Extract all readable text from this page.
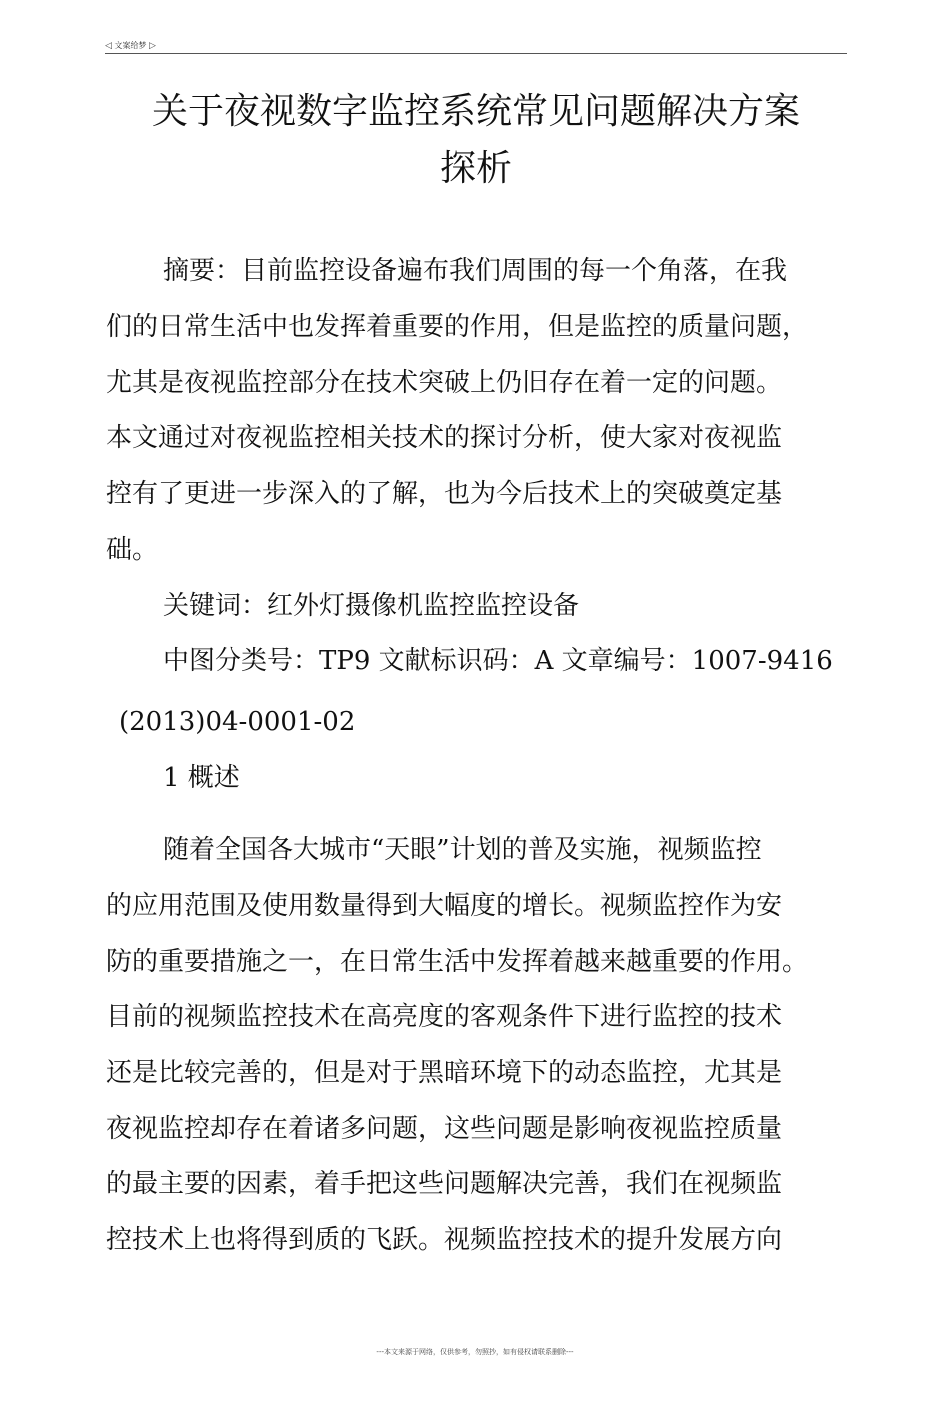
◁ 文案给梦 ▷
关于夜视数字监控系统常见问题解决方案
探析
摘要：目前监控设备遍布我们周围的每一个角落，在我
们的日常生活中也发挥着重要的作用，但是监控的质量问题，
尤其是夜视监控部分在技术突破上仍旧存在着一定的问题。
本文通过对夜视监控相关技术的探讨分析，使大家对夜视监
控有了更进一步深入的了解，也为今后技术上的突破奠定基
础。
关键词：红外灯摄像机监控监控设备
中图分类号：TP9 文献标识码：A 文章编号：1007-9416
(2013)04-0001-02
1 概述
随着全国各大城市“天眼”计划的普及实施，视频监控
的应用范围及使用数量得到大幅度的增长。视频监控作为安
防的重要措施之一，在日常生活中发挥着越来越重要的作用。
目前的视频监控技术在高亮度的客观条件下进行监控的技术
还是比较完善的，但是对于黑暗环境下的动态监控，尤其是
夜视监控却存在着诸多问题，这些问题是影响夜视监控质量
的最主要的因素，着手把这些问题解决完善，我们在视频监
控技术上也将得到质的飞跃。视频监控技术的提升发展方向
---本文来源于网络，仅供参考，勿照抄，如有侵权请联系删除---
